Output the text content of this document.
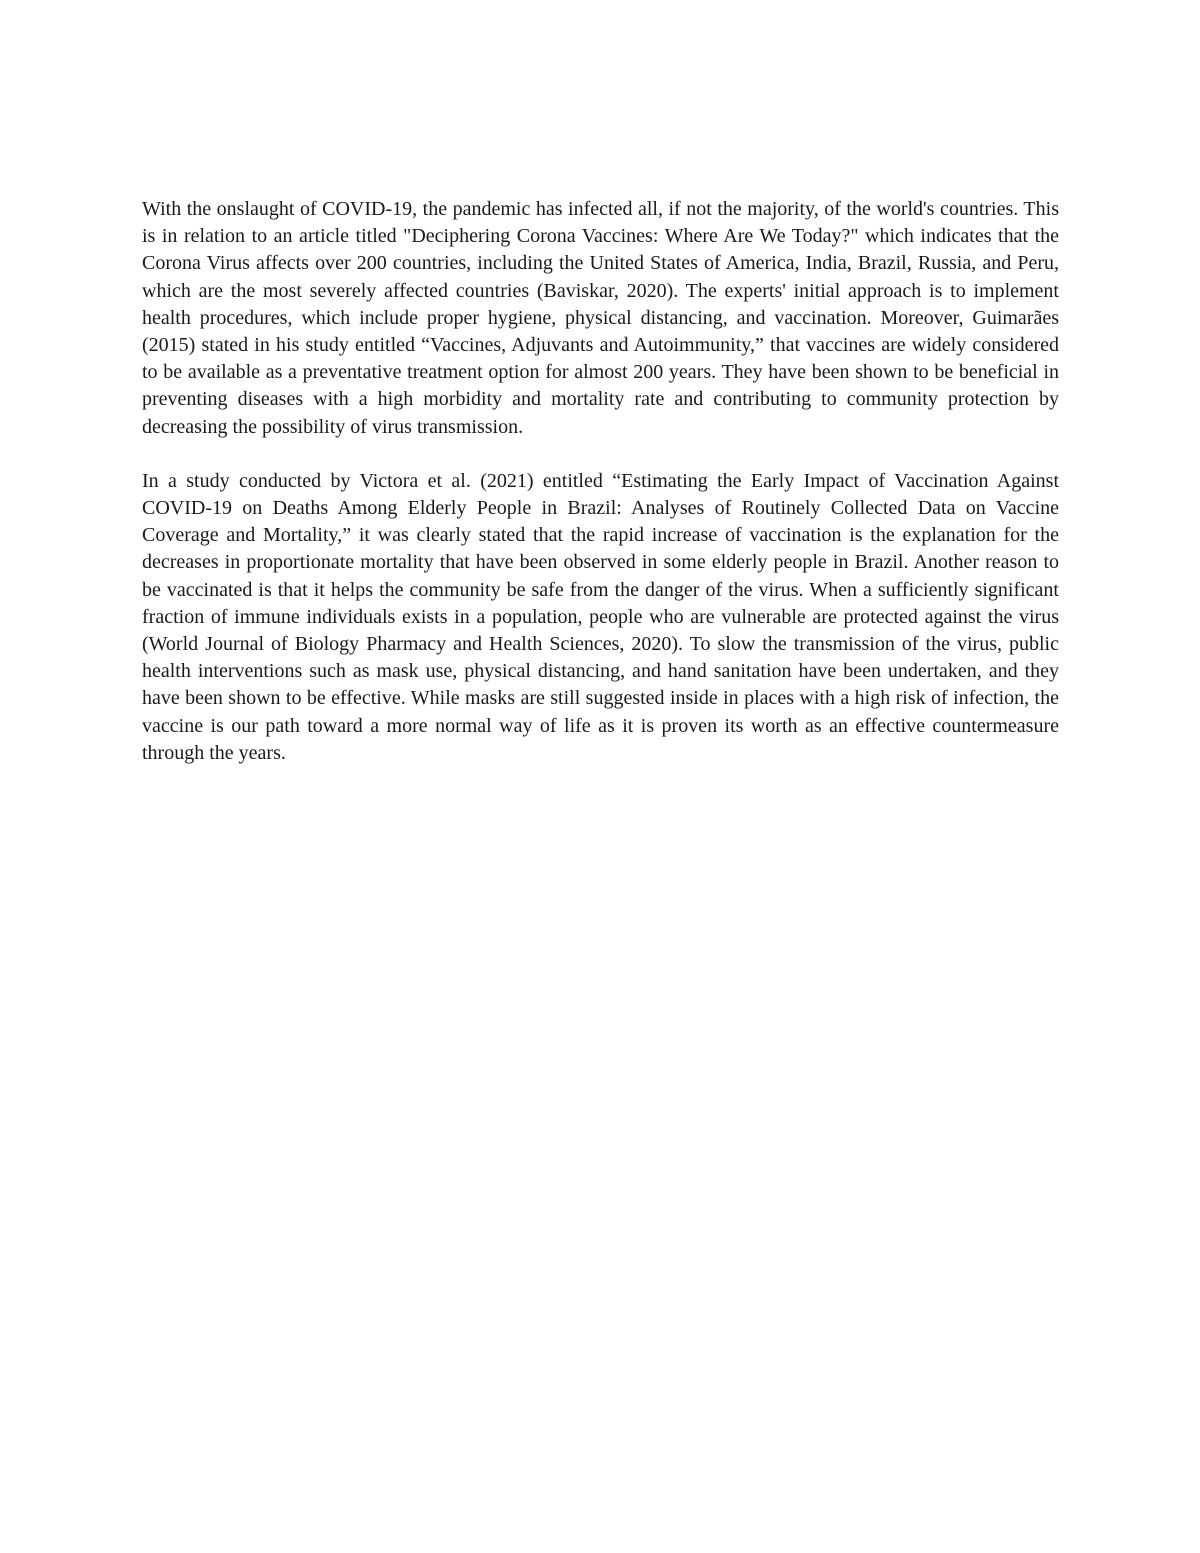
With the onslaught of COVID-19, the pandemic has infected all, if not the majority, of the world's countries. This is in relation to an article titled "Deciphering Corona Vaccines: Where Are We Today?" which indicates that the Corona Virus affects over 200 countries, including the United States of America, India, Brazil, Russia, and Peru, which are the most severely affected countries (Baviskar, 2020). The experts' initial approach is to implement health procedures, which include proper hygiene, physical distancing, and vaccination. Moreover, Guimarães (2015) stated in his study entitled “Vaccines, Adjuvants and Autoimmunity,” that vaccines are widely considered to be available as a preventative treatment option for almost 200 years. They have been shown to be beneficial in preventing diseases with a high morbidity and mortality rate and contributing to community protection by decreasing the possibility of virus transmission.

In a study conducted by Victora et al. (2021) entitled “Estimating the Early Impact of Vaccination Against COVID-19 on Deaths Among Elderly People in Brazil: Analyses of Routinely Collected Data on Vaccine Coverage and Mortality,” it was clearly stated that the rapid increase of vaccination is the explanation for the decreases in proportionate mortality that have been observed in some elderly people in Brazil. Another reason to be vaccinated is that it helps the community be safe from the danger of the virus. When a sufficiently significant fraction of immune individuals exists in a population, people who are vulnerable are protected against the virus (World Journal of Biology Pharmacy and Health Sciences, 2020). To slow the transmission of the virus, public health interventions such as mask use, physical distancing, and hand sanitation have been undertaken, and they have been shown to be effective. While masks are still suggested inside in places with a high risk of infection, the vaccine is our path toward a more normal way of life as it is proven its worth as an effective countermeasure through the years.
